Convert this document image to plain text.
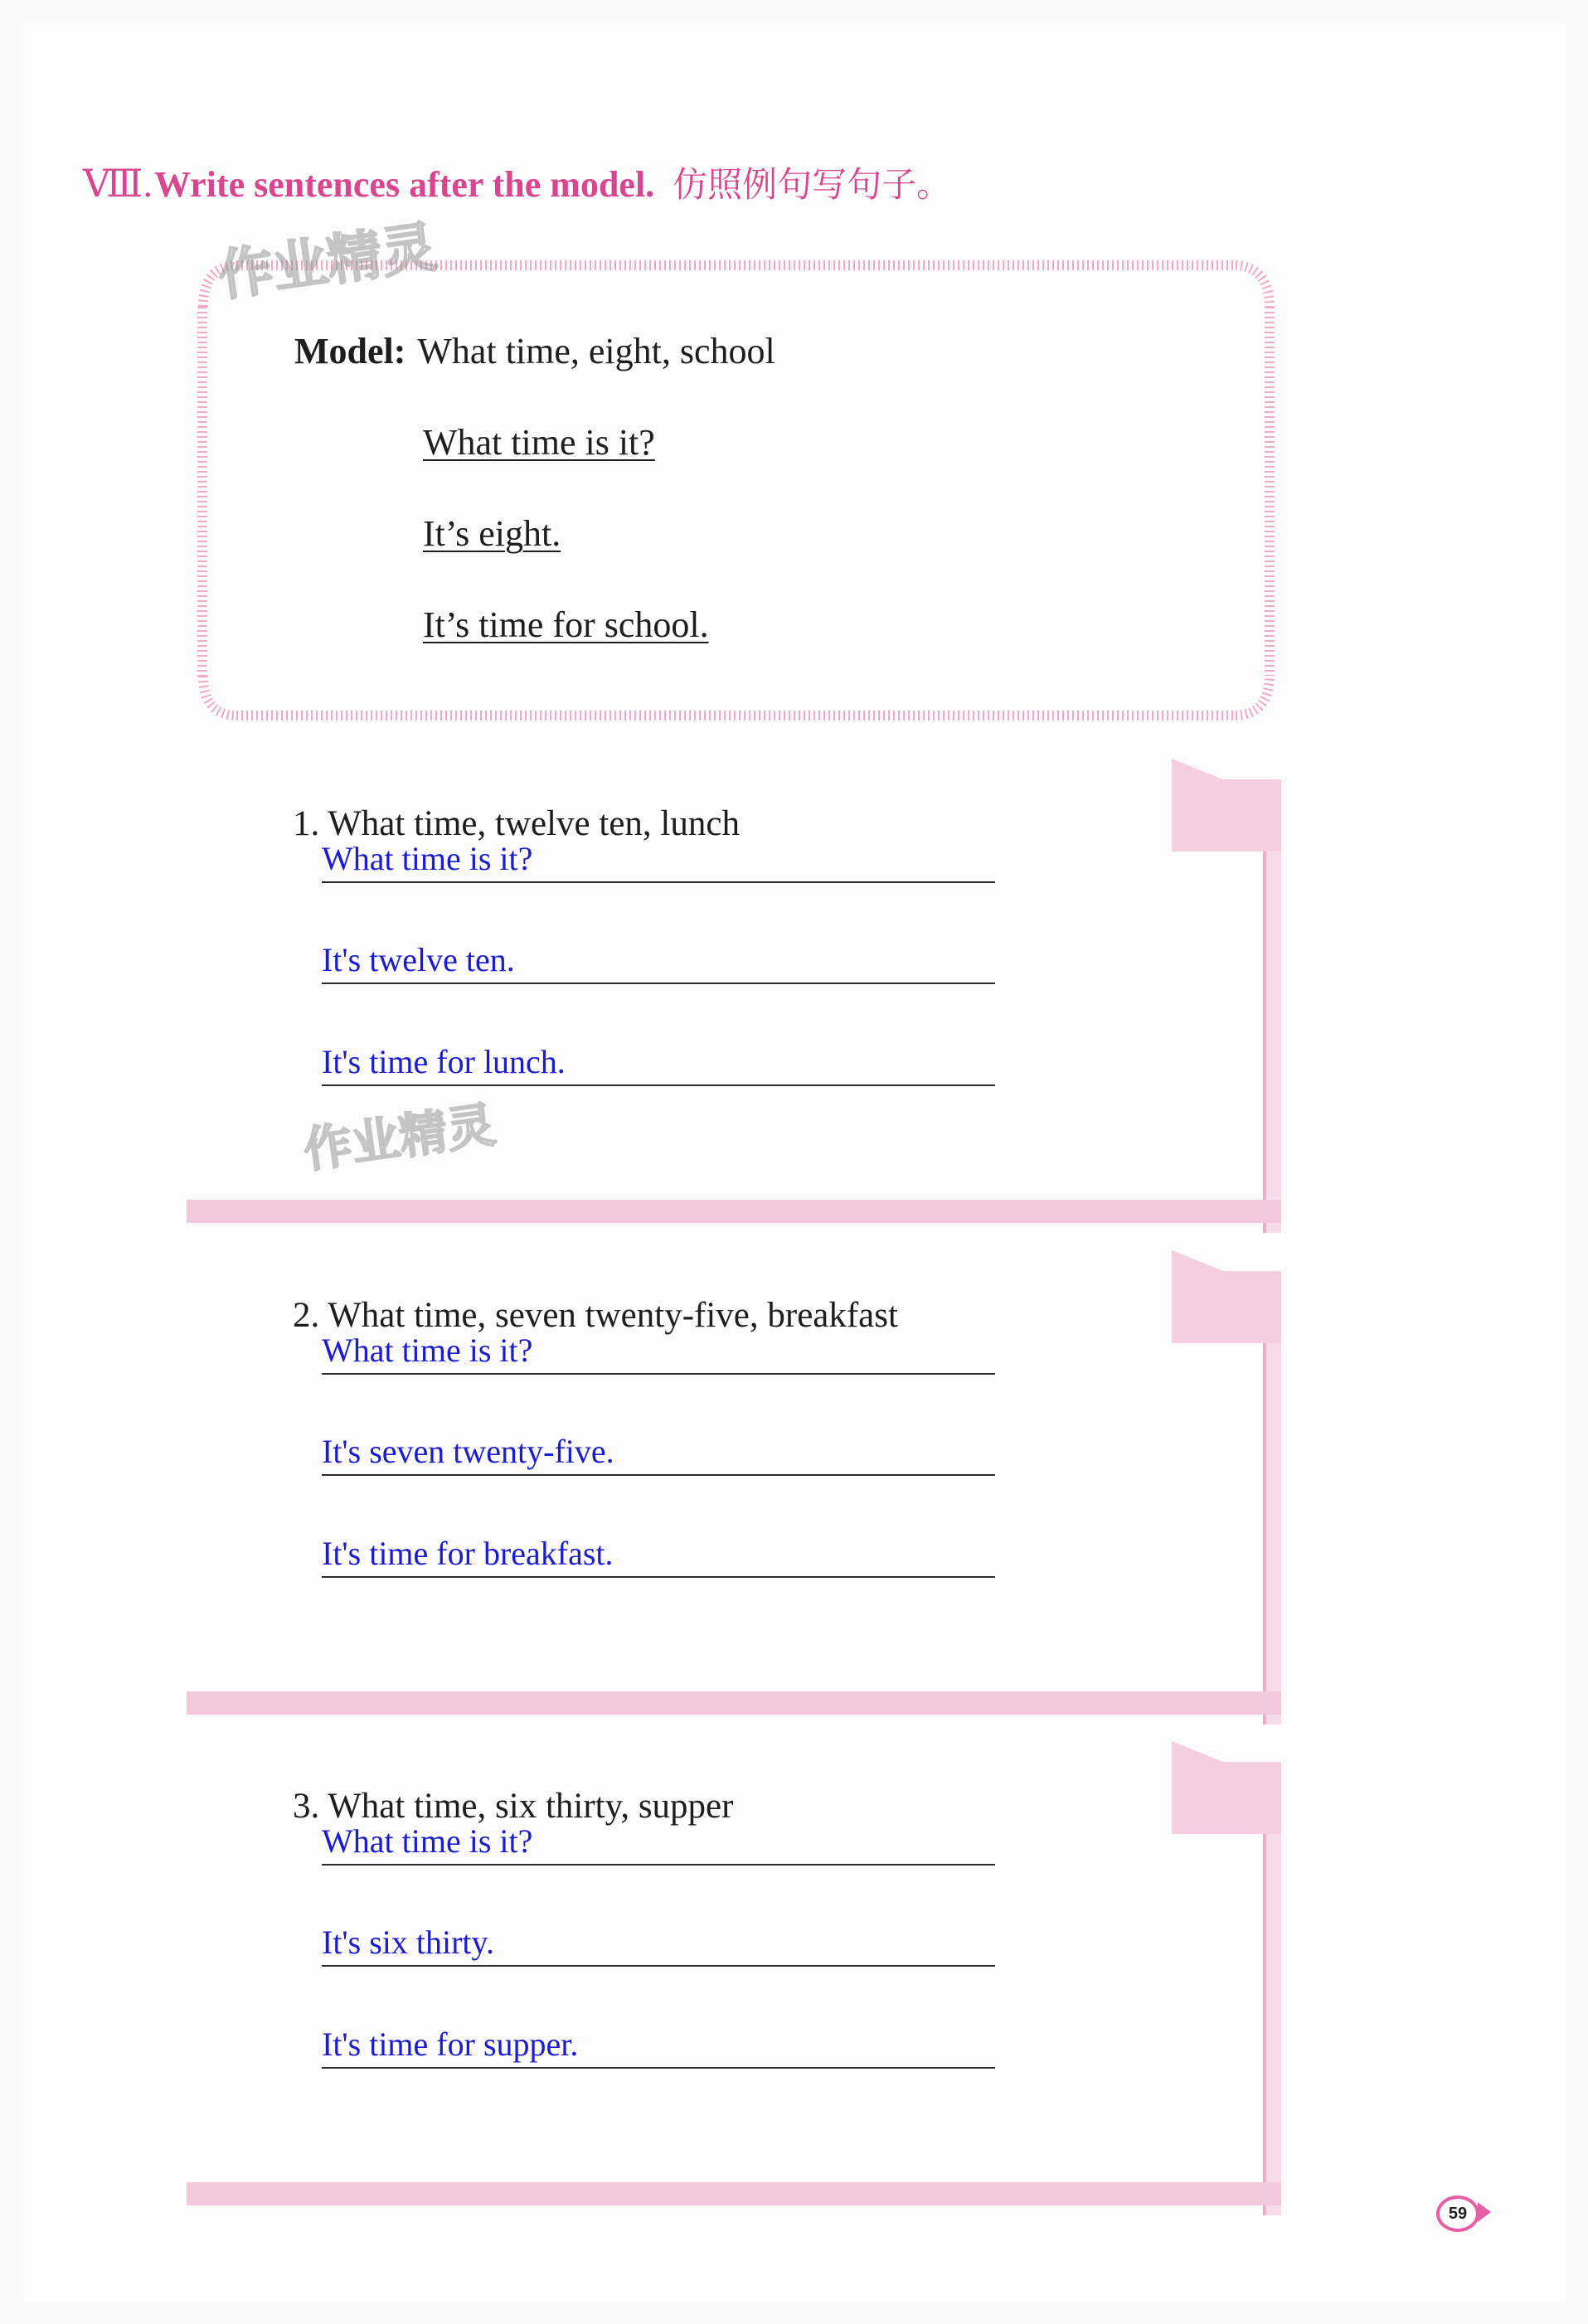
Ⅷ. Write sentences after the model. 仿照例句写句子。
Model: What time, eight, school
What time is it?
It’s eight.
It’s time for school.
作业精灵
1. What time, twelve ten, lunch
What time is it?
It's twelve ten.
It's time for lunch.
作业精灵
2. What time, seven twenty-five, breakfast
What time is it?
It's seven twenty-five.
It's time for breakfast.
3. What time, six thirty, supper
What time is it?
It's six thirty.
It's time for supper.
59
